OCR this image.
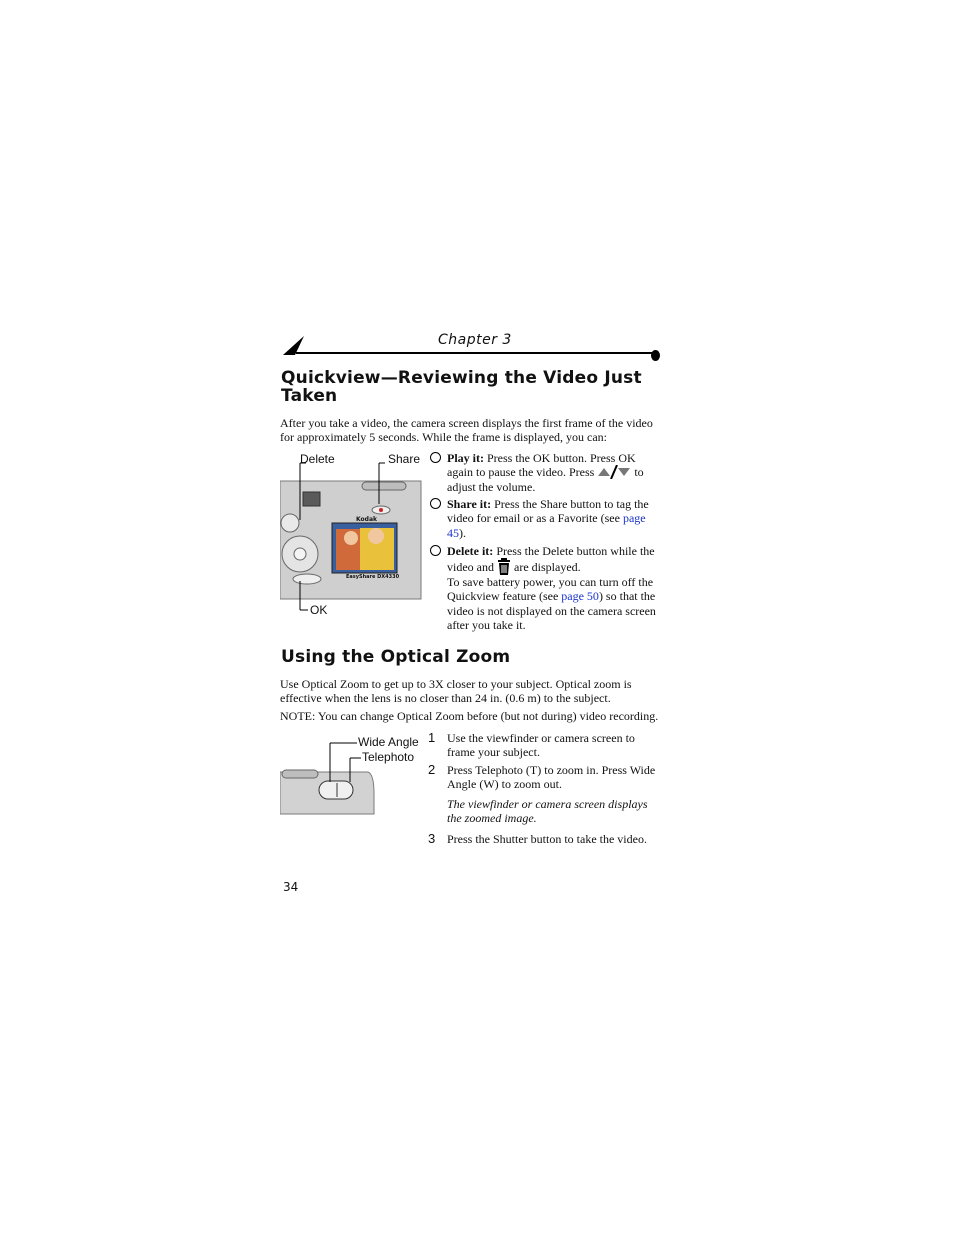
Chapter 3

Quickview—Reviewing the Video Just

Taken

After you take a video, the camera screen displays the first frame of the video for approximately 5 seconds. While the frame is displayed, you can:
Delete	Share
OK
Kodak
EasyShare DX4330
Play it: Press the OK button. Press OK again to pause the video. Press	to adjust the volume.
Share it: Press the Share button to tag the video for email or as a Favorite (see page 45).
Delete it: Press the Delete button while the video and  are displayed.
To save battery power, you can turn off the Quickview feature (see page 50) so that the video is not displayed on the camera screen after you take it.

Using the Optical Zoom

Use Optical Zoom to get up to 3X closer to your subject. Optical zoom is effective when the lens is no closer than 24 in. (0.6 m) to the subject.
NOTE: You can change Optical Zoom before (but not during) video recording.
Wide Angle
Telephoto
1 Use the viewfinder or camera screen to frame your subject.
2 Press Telephoto (T) to zoom in. Press Wide Angle (W) to zoom out.
The viewfinder or camera screen displays the zoomed image.
3 Press the Shutter button to take the video.
34
